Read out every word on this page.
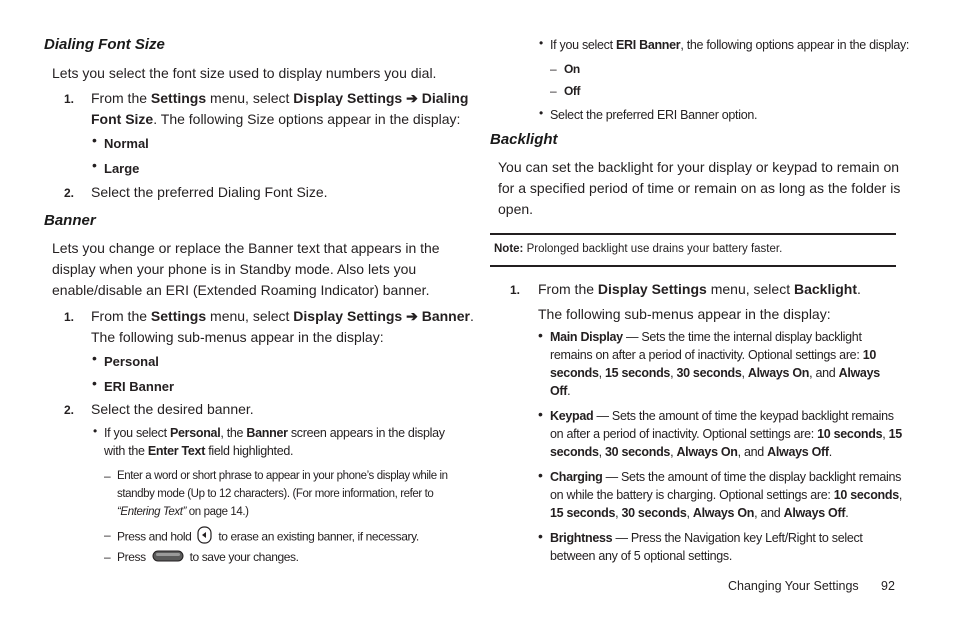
Dialing Font Size
Lets you select the font size used to display numbers you dial.
1. From the Settings menu, select Display Settings ➔ Dialing
Font Size. The following Size options appear in the display:
• Normal
• Large
2. Select the preferred Dialing Font Size.
Banner
Lets you change or replace the Banner text that appears in the
display when your phone is in Standby mode. Also lets you
enable/disable an ERI (Extended Roaming Indicator) banner.
1. From the Settings menu, select Display Settings ➔ Banner.
The following sub-menus appear in the display:
• Personal
• ERI Banner
2. Select the desired banner.
• If you select Personal, the Banner screen appears in the display
with the Enter Text field highlighted.
– Enter a word or short phrase to appear in your phone’s display while in
standby mode (Up to 12 characters). (For more information, refer to
“Entering Text” on page 14.)
– Press and hold to erase an existing banner, if necessary.
– Press	to save your changes.
• If you select ERI Banner, the following options appear in the display:
– On
– Off
• Select the preferred ERI Banner option.
Backlight
You can set the backlight for your display or keypad to remain on
for a specified period of time or remain on as long as the folder is
open.
Note: Prolonged backlight use drains your battery faster.
1. From the Display Settings menu, select Backlight.
The following sub-menus appear in the display:
• Main Display — Sets the time the internal display backlight
remains on after a period of inactivity. Optional settings are: 10
seconds, 15 seconds, 30 seconds, Always On, and Always
Off.
• Keypad — Sets the amount of time the keypad backlight remains
on after a period of inactivity. Optional settings are: 10 seconds, 15
seconds, 30 seconds, Always On, and Always Off.
• Charging — Sets the amount of time the display backlight remains
on while the battery is charging. Optional settings are: 10 seconds,
15 seconds, 30 seconds, Always On, and Always Off.
• Brightness — Press the Navigation key Left/Right to select
between any of 5 optional settings.
Changing Your Settings 92
